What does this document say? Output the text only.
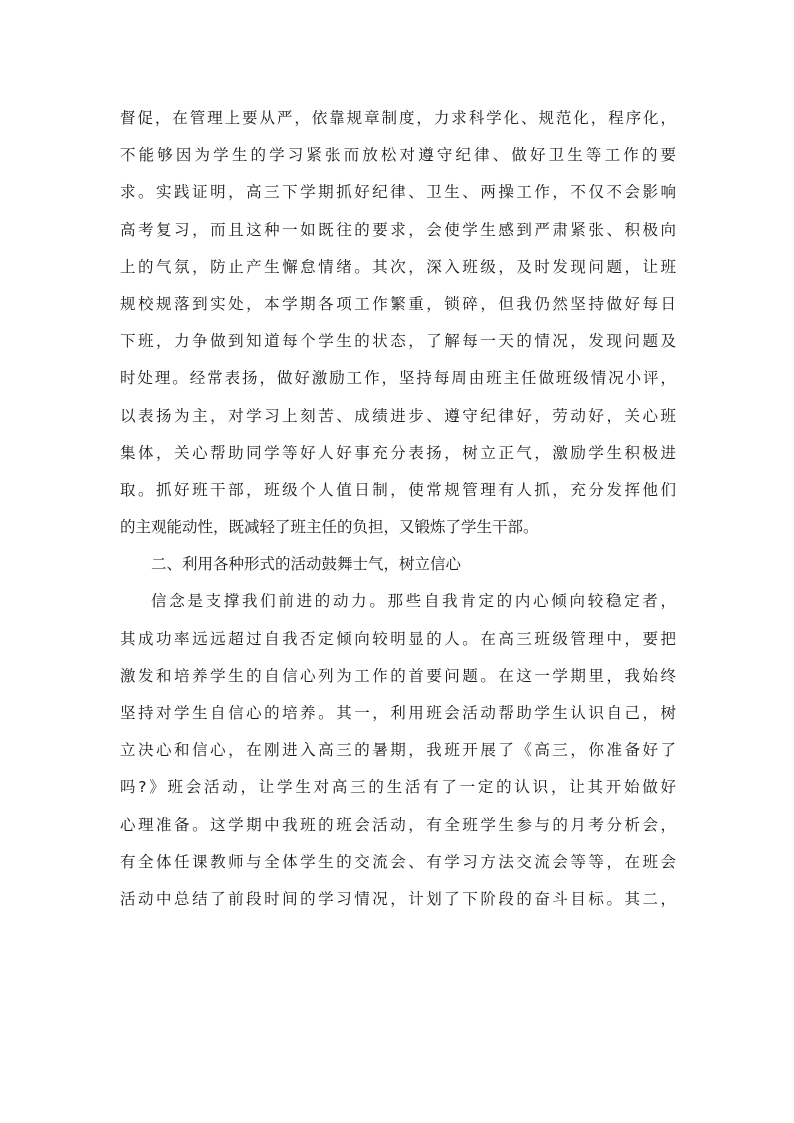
督促，在管理上要从严，依靠规章制度，力求科学化、规范化，程序化，
不能够因为学生的学习紧张而放松对遵守纪律、做好卫生等工作的要
求。实践证明，高三下学期抓好纪律、卫生、两操工作，不仅不会影响
高考复习，而且这种一如既往的要求，会使学生感到严肃紧张、积极向
上的气氛，防止产生懈怠情绪。其次，深入班级，及时发现问题，让班
规校规落到实处，本学期各项工作繁重，锁碎，但我仍然坚持做好每日
下班，力争做到知道每个学生的状态，了解每一天的情况，发现问题及
时处理。经常表扬，做好激励工作，坚持每周由班主任做班级情况小评，
以表扬为主，对学习上刻苦、成绩进步、遵守纪律好，劳动好，关心班
集体，关心帮助同学等好人好事充分表扬，树立正气，激励学生积极进
取。抓好班干部，班级个人值日制，使常规管理有人抓，充分发挥他们
的主观能动性，既减轻了班主任的负担，又锻炼了学生干部。
二、利用各种形式的活动鼓舞士气，树立信心
信念是支撑我们前进的动力。那些自我肯定的内心倾向较稳定者，
其成功率远远超过自我否定倾向较明显的人。在高三班级管理中，要把
激发和培养学生的自信心列为工作的首要问题。在这一学期里，我始终
坚持对学生自信心的培养。其一，利用班会活动帮助学生认识自己，树
立决心和信心，在刚进入高三的暑期，我班开展了《高三，你准备好了
吗?》班会活动，让学生对高三的生活有了一定的认识，让其开始做好
心理准备。这学期中我班的班会活动，有全班学生参与的月考分析会，
有全体任课教师与全体学生的交流会、有学习方法交流会等等，在班会
活动中总结了前段时间的学习情况，计划了下阶段的奋斗目标。其二，
